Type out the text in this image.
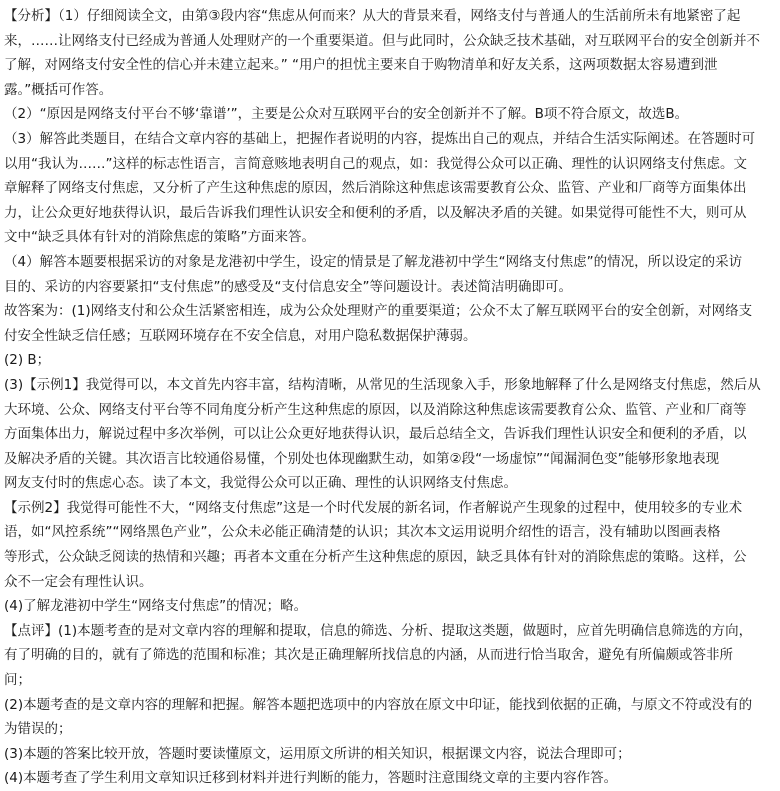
【分析】（1）仔细阅读全文，由第③段内容“焦虑从何而来？从大的背景来看，网络支付与普通人的生活前所未有地紧密了起
来，……让网络支付已经成为普通人处理财产的一个重要渠道。但与此同时，公众缺乏技术基础，对互联网平台的安全创新并不
了解，对网络支付安全性的信心并未建立起来。” “用户的担忧主要来自于购物清单和好友关系，这两项数据太容易遭到泄
露。”概括可作答。
（2）“原因是网络支付平台不够‘靠谱’”，主要是公众对互联网平台的安全创新并不了解。B项不符合原文，故选B。
（3）解答此类题目，在结合文章内容的基础上，把握作者说明的内容，提炼出自己的观点，并结合生活实际阐述。在答题时可
以用“我认为……”这样的标志性语言，言简意赅地表明自己的观点，如：我觉得公众可以正确、理性的认识网络支付焦虑。文
章解释了网络支付焦虑，又分析了产生这种焦虑的原因，然后消除这种焦虑该需要教育公众、监管、产业和厂商等方面集体出
力，让公众更好地获得认识，最后告诉我们理性认识安全和便利的矛盾，以及解决矛盾的关键。如果觉得可能性不大，则可从
文中“缺乏具体有针对的消除焦虑的策略”方面来答。
（4）解答本题要根据采访的对象是龙港初中学生，设定的情景是了解龙港初中学生“网络支付焦虑”的情况，所以设定的采访
目的、采访的内容要紧扣“支付焦虑”的感受及“支付信息安全”等问题设计。表述简洁明确即可。
故答案为：(1)网络支付和公众生活紧密相连，成为公众处理财产的重要渠道；公众不太了解互联网平台的安全创新，对网络支
付安全性缺乏信任感；互联网环境存在不安全信息，对用户隐私数据保护薄弱。
(2) B；
(3)【示例1】我觉得可以，本文首先内容丰富，结构清晰，从常见的生活现象入手，形象地解释了什么是网络支付焦虑，然后从
大环境、公众、网络支付平台等不同角度分析产生这种焦虑的原因，以及消除这种焦虑该需要教育公众、监管、产业和厂商等
方面集体出力，解说过程中多次举例，可以让公众更好地获得认识，最后总结全文，告诉我们理性认识安全和便利的矛盾，以
及解决矛盾的关键。其次语言比较通俗易懂，个别处也体现幽默生动，如第②段“一场虚惊”“闻漏洞色变”能够形象地表现
网友支付时的焦虑心态。读了本文，我觉得公众可以正确、理性的认识网络支付焦虑。
【示例2】我觉得可能性不大，“网络支付焦虑”这是一个时代发展的新名词，作者解说产生现象的过程中，使用较多的专业术
语，如“风控系统”“网络黑色产业”，公众未必能正确清楚的认识；其次本文运用说明介绍性的语言，没有辅助以图画表格
等形式，公众缺乏阅读的热情和兴趣；再者本文重在分析产生这种焦虑的原因，缺乏具体有针对的消除焦虑的策略。这样，公
众不一定会有理性认识。
(4)了解龙港初中学生“网络支付焦虑”的情况；略。
【点评】(1)本题考查的是对文章内容的理解和提取，信息的筛选、分析、提取这类题，做题时，应首先明确信息筛选的方向，
有了明确的目的，就有了筛选的范围和标准；其次是正确理解所找信息的内涵，从而进行恰当取舍，避免有所偏颇或答非所
问；
(2)本题考查的是文章内容的理解和把握。解答本题把选项中的内容放在原文中印证，能找到依据的正确，与原文不符或没有的
为错误的；
(3)本题的答案比较开放，答题时要读懂原文，运用原文所讲的相关知识，根据课文内容，说法合理即可；
(4)本题考查了学生利用文章知识迁移到材料并进行判断的能力，答题时注意围绕文章的主要内容作答。
